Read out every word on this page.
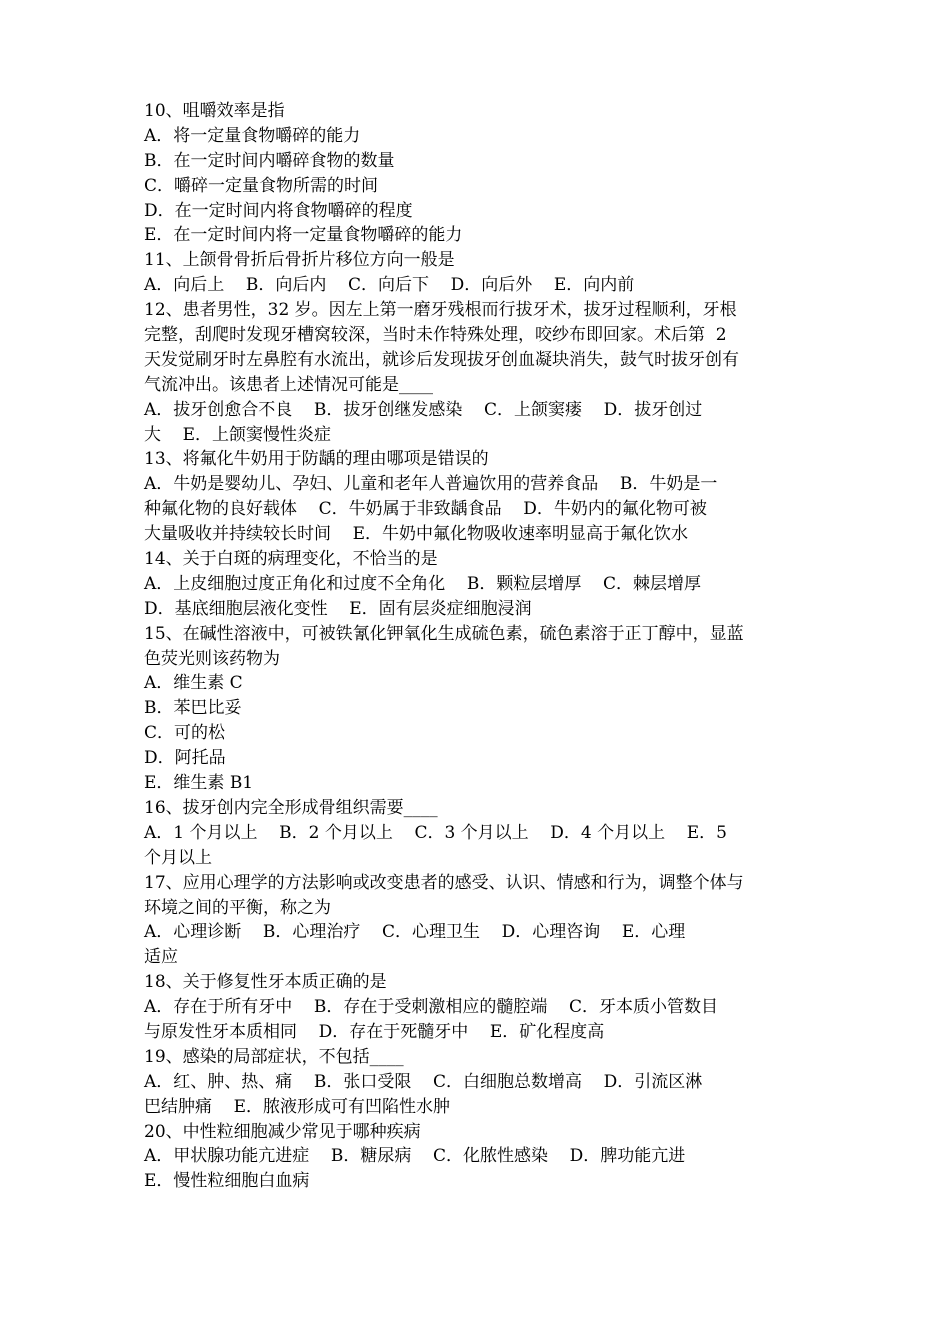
10、咀嚼效率是指
A．将一定量食物嚼碎的能力
B．在一定时间内嚼碎食物的数量
C．嚼碎一定量食物所需的时间
D．在一定时间内将食物嚼碎的程度
E．在一定时间内将一定量食物嚼碎的能力
11、上颌骨骨折后骨折片移位方向一般是
A．向后上    B．向后内    C．向后下    D．向后外    E．向内前
12、患者男性，32 岁。因左上第一磨牙残根而行拔牙术，拔牙过程顺利，牙根
完整，刮爬时发现牙槽窝较深，当时未作特殊处理，咬纱布即回家。术后第  2
天发觉刷牙时左鼻腔有水流出，就诊后发现拔牙创血凝块消失，鼓气时拔牙创有
气流冲出。该患者上述情况可能是____
A．拔牙创愈合不良    B．拔牙创继发感染    C．上颌窦瘘    D．拔牙创过
大    E．上颌窦慢性炎症
13、将氟化牛奶用于防龋的理由哪项是错误的
A．牛奶是婴幼儿、孕妇、儿童和老年人普遍饮用的营养食品    B．牛奶是一
种氟化物的良好载体    C．牛奶属于非致龋食品    D．牛奶内的氟化物可被
大量吸收并持续较长时间    E．牛奶中氟化物吸收速率明显高于氟化饮水
14、关于白斑的病理变化，不恰当的是
A．上皮细胞过度正角化和过度不全角化    B．颗粒层增厚    C．棘层增厚
D．基底细胞层液化变性    E．固有层炎症细胞浸润
15、在碱性溶液中，可被铁氰化钾氧化生成硫色素，硫色素溶于正丁醇中，显蓝
色荧光则该药物为
A．维生素 C
B．苯巴比妥
C．可的松
D．阿托品
E．维生素 B1
16、拔牙创内完全形成骨组织需要____
A．1 个月以上    B．2 个月以上    C．3 个月以上    D．4 个月以上    E．5
个月以上
17、应用心理学的方法影响或改变患者的感受、认识、情感和行为，调整个体与
环境之间的平衡，称之为
A．心理诊断    B．心理治疗    C．心理卫生    D．心理咨询    E．心理
适应
18、关于修复性牙本质正确的是
A．存在于所有牙中    B．存在于受刺激相应的髓腔端    C．牙本质小管数目
与原发性牙本质相同    D．存在于死髓牙中    E．矿化程度高
19、感染的局部症状，不包括____
A．红、肿、热、痛    B．张口受限    C．白细胞总数增高    D．引流区淋
巴结肿痛    E．脓液形成可有凹陷性水肿
20、中性粒细胞减少常见于哪种疾病
A．甲状腺功能亢进症    B．糖尿病    C．化脓性感染    D．脾功能亢进
E．慢性粒细胞白血病
